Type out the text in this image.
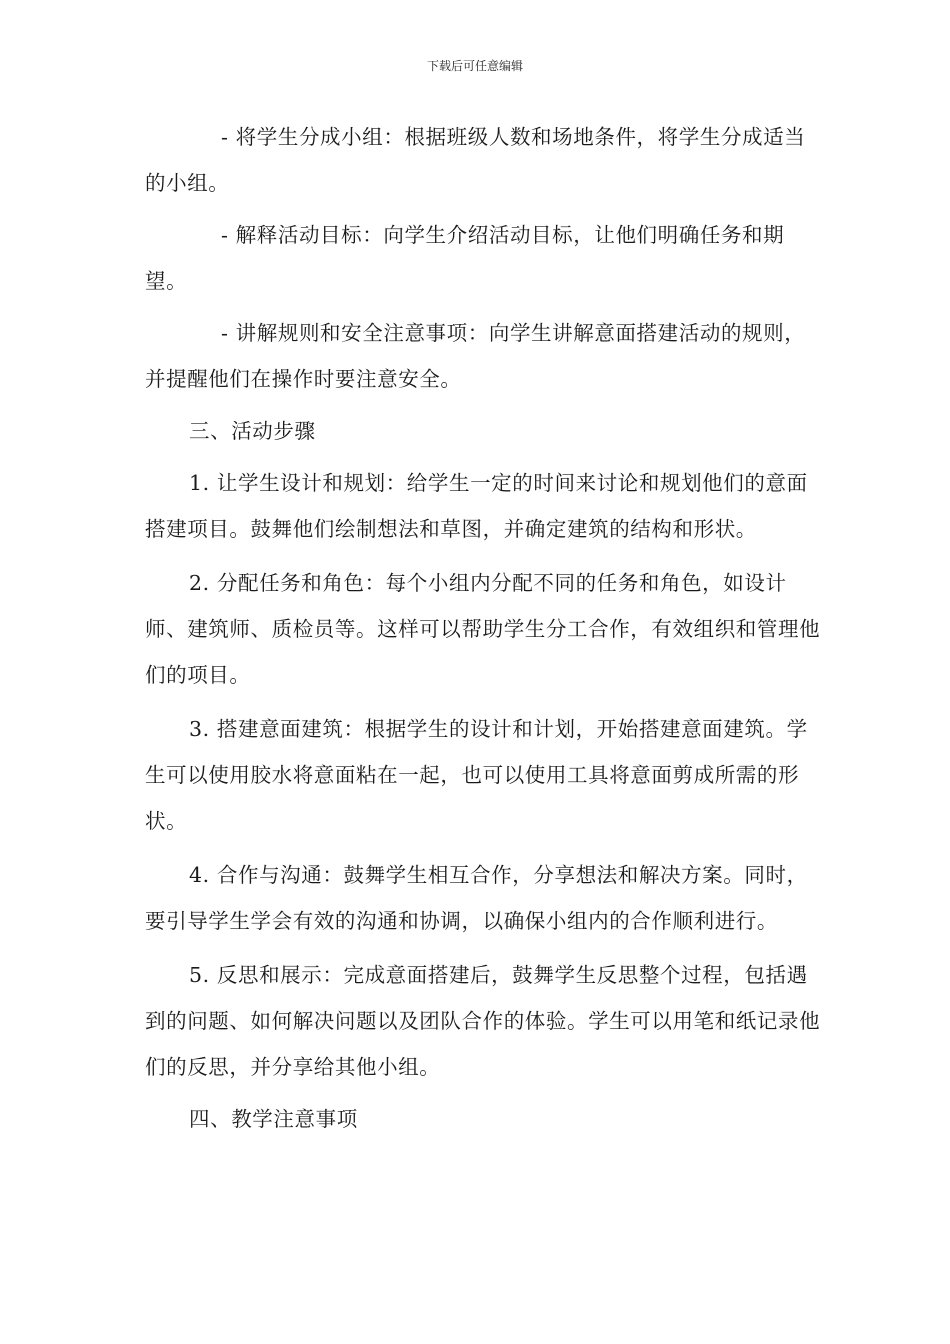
下载后可任意编辑

- 将学生分成小组：根据班级人数和场地条件，将学生分成适当的小组。

- 解释活动目标：向学生介绍活动目标，让他们明确任务和期望。

- 讲解规则和安全注意事项：向学生讲解意面搭建活动的规则，并提醒他们在操作时要注意安全。

三、活动步骤

1. 让学生设计和规划：给学生一定的时间来讨论和规划他们的意面搭建项目。鼓舞他们绘制想法和草图，并确定建筑的结构和形状。

2. 分配任务和角色：每个小组内分配不同的任务和角色，如设计师、建筑师、质检员等。这样可以帮助学生分工合作，有效组织和管理他们的项目。

3. 搭建意面建筑：根据学生的设计和计划，开始搭建意面建筑。学生可以使用胶水将意面粘在一起，也可以使用工具将意面剪成所需的形状。

4. 合作与沟通：鼓舞学生相互合作，分享想法和解决方案。同时，要引导学生学会有效的沟通和协调，以确保小组内的合作顺利进行。

5. 反思和展示：完成意面搭建后，鼓舞学生反思整个过程，包括遇到的问题、如何解决问题以及团队合作的体验。学生可以用笔和纸记录他们的反思，并分享给其他小组。

四、教学注意事项
